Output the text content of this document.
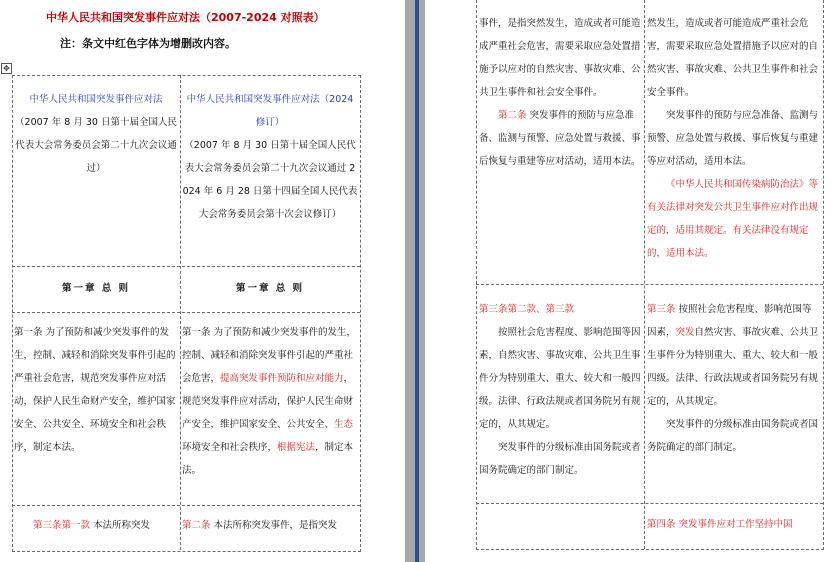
中华人民共和国突发事件应对法（2007-2024 对照表）
注：条文中红色字体为增删改内容。
✥

中华人民共和国突发事件应对法

（2007 年 8 月 30 日第十届全国人民代表大会常务委员会第二十九次会议通过）

中华人民共和国突发事件应对法（2024 修订）

（2007 年 8 月 30 日第十届全国人民代表大会常务委员会第二十九次会议通过 2024 年 6 月 28 日第十四届全国人民代表大会常务委员会第十次会议修订）

第一章 总 则	第一章 总 则
第一条 为了预防和减少突发事件的发生，控制、减轻和消除突发事件引起的严重社会危害，规范突发事件应对活动，保护人民生命财产安全，维护国家安全、公共安全、环境安全和社会秩序，制定本法。
第一条 为了预防和减少突发事件的发生，控制、减轻和消除突发事件引起的严重社会危害，提高突发事件预防和应对能力，规范突发事件应对活动，保护人民生命财产安全，维护国家安全、公共安全、生态环境安全和社会秩序，根据宪法，制定本法。
第三条第一款 本法所称突发	第二条 本法所称突发事件，是指突发

事件，是指突然发生，造成或者可能造成严重社会危害，需要采取应急处置措施予以应对的自然灾害、事故灾难、公共卫生事件和社会安全事件。

第二条 突发事件的预防与应急准备、监测与预警、应急处置与救援、事后恢复与重建等应对活动，适用本法。

然发生，造成或者可能造成严重社会危害，需要采取应急处置措施予以应对的自然灾害、事故灾难、公共卫生事件和社会安全事件。

突发事件的预防与应急准备、监测与预警、应急处置与救援、事后恢复与重建等应对活动，适用本法。

《中华人民共和国传染病防治法》等有关法律对突发公共卫生事件应对作出规定的，适用其规定。有关法律没有规定的，适用本法。

第三条第二款、第三款

按照社会危害程度、影响范围等因素，自然灾害、事故灾难、公共卫生事件分为特别重大、重大、较大和一般四级。法律、行政法规或者国务院另有规定的，从其规定。

突发事件的分级标准由国务院或者国务院确定的部门制定。

第三条 按照社会危害程度、影响范围等因素，突发自然灾害、事故灾难、公共卫生事件分为特别重大、重大、较大和一般四级。法律、行政法规或者国务院另有规定的，从其规定。

突发事件的分级标准由国务院或者国务院确定的部门制定。

第四条 突发事件应对工作坚持中国
